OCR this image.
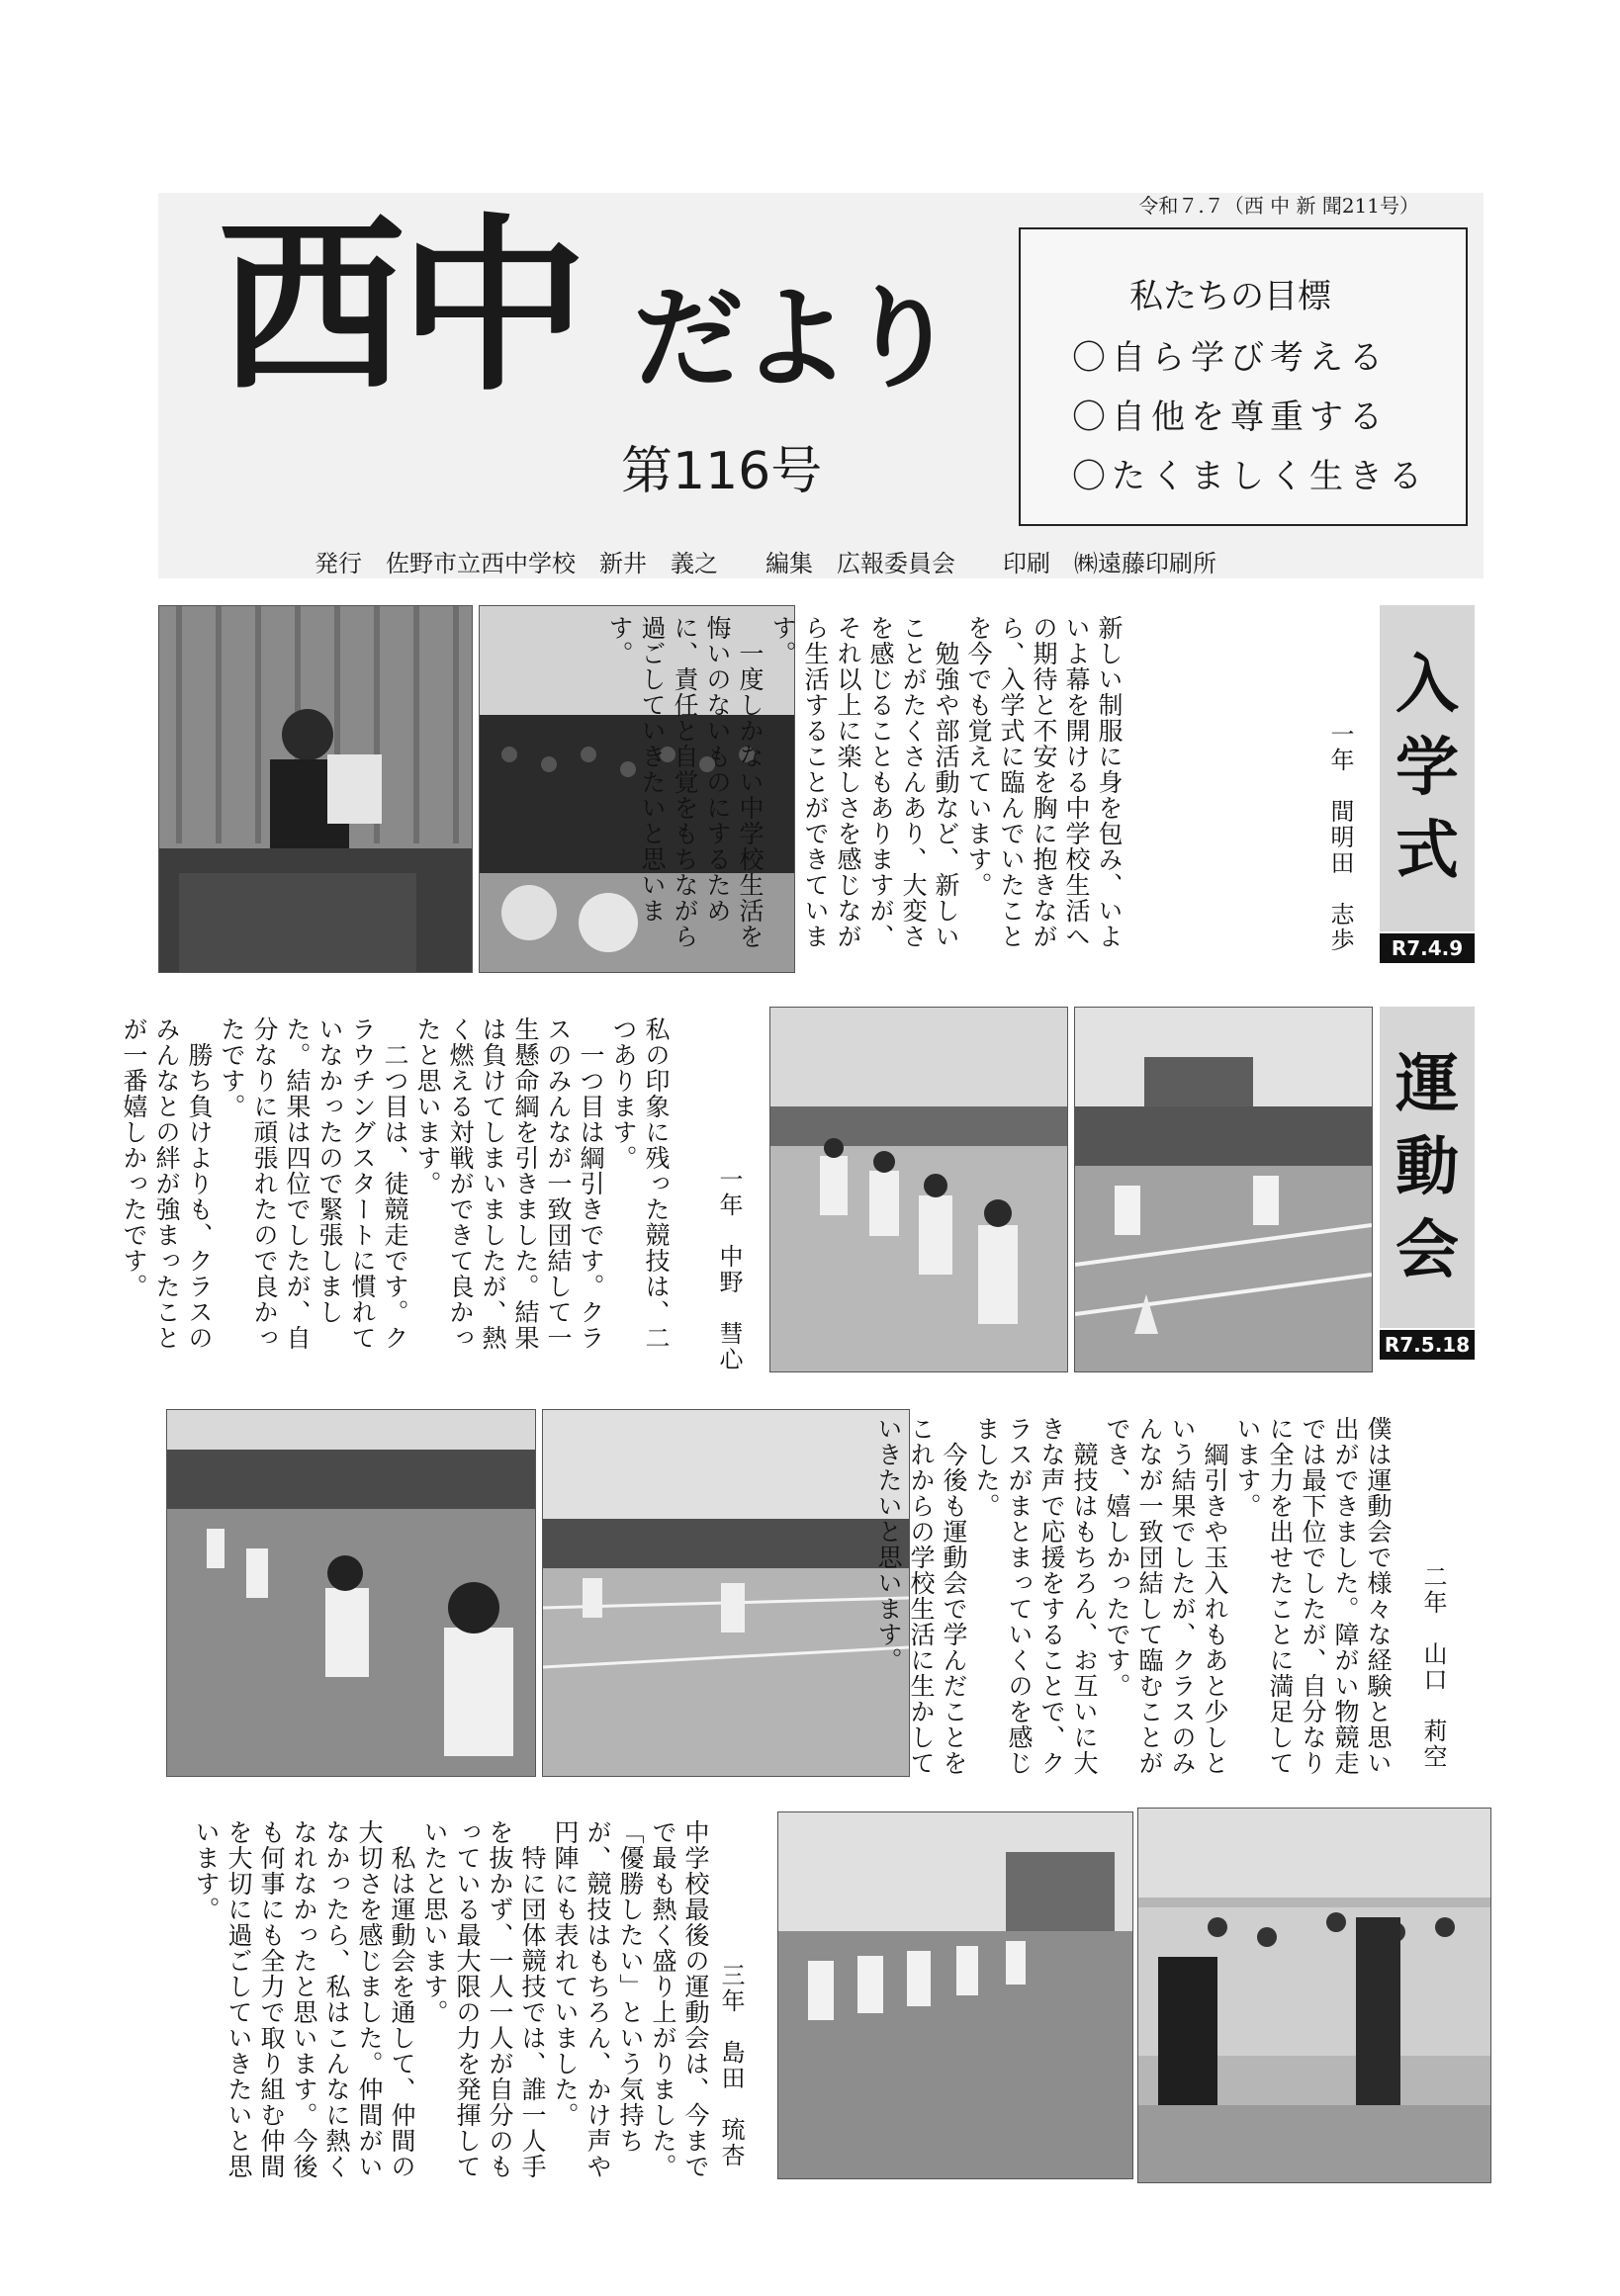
令和７.７（西 中 新 聞211号）
西中 だより
第116号
私たちの目標
〇自ら学び考える
〇自他を尊重する
〇たくましく生きる
発行　佐野市立西中学校　新井　義之　　編集　広報委員会　　印刷　㈱遠藤印刷所
新しい制服に身を包み、いよいよ幕を開ける中学校生活への期待と不安を胸に抱きながら、入学式に臨んでいたことを今でも覚えています。
　勉強や部活動など、新しいことがたくさんあり、大変さを感じることもありますが、それ以上に楽しさを感じながら生活することができています。
　一度しかない中学校生活を悔いのないものにするために、責任と自覚をもちながら過ごしていきたいと思います。
一年　間明田　志歩
入
学
式
R7.4.9
私の印象に残った競技は、二つあります。
　一つ目は綱引きです。クラスのみんなが一致団結して一生懸命綱を引きました。結果は負けてしまいましたが、熱く燃える対戦ができて良かったと思います。
　二つ目は、徒競走です。クラウチングスタートに慣れていなかったので緊張しました。結果は四位でしたが、自分なりに頑張れたので良かったです。
　勝ち負けよりも、クラスのみんなとの絆が強まったことが一番嬉しかったです。	一年　中野　彗心
運
動
会
R7.5.18
僕は運動会で様々な経験と思い出ができました。障がい物競走では最下位でしたが、自分なりに全力を出せたことに満足しています。
　綱引きや玉入れもあと少しという結果でしたが、クラスのみんなが一致団結して臨むことができ、嬉しかったです。
　競技はもちろん、お互いに大きな声で応援をすることで、クラスがまとまっていくのを感じました。
　今後も運動会で学んだことをこれからの学校生活に生かしていきたいと思います。	二年　山口　莉空
中学校最後の運動会は、今までで最も熱く盛り上がりました。
「優勝したい」という気持ちが、競技はもちろん、かけ声や円陣にも表れていました。
　特に団体競技では、誰一人手を抜かず、一人一人が自分のもっている最大限の力を発揮していたと思います。
　私は運動会を通して、仲間の大切さを感じました。仲間がいなかったら、私はこんなに熱くなれなかったと思います。今後も何事にも全力で取り組む仲間を大切に過ごしていきたいと思います。
三年　島田　琉杏
